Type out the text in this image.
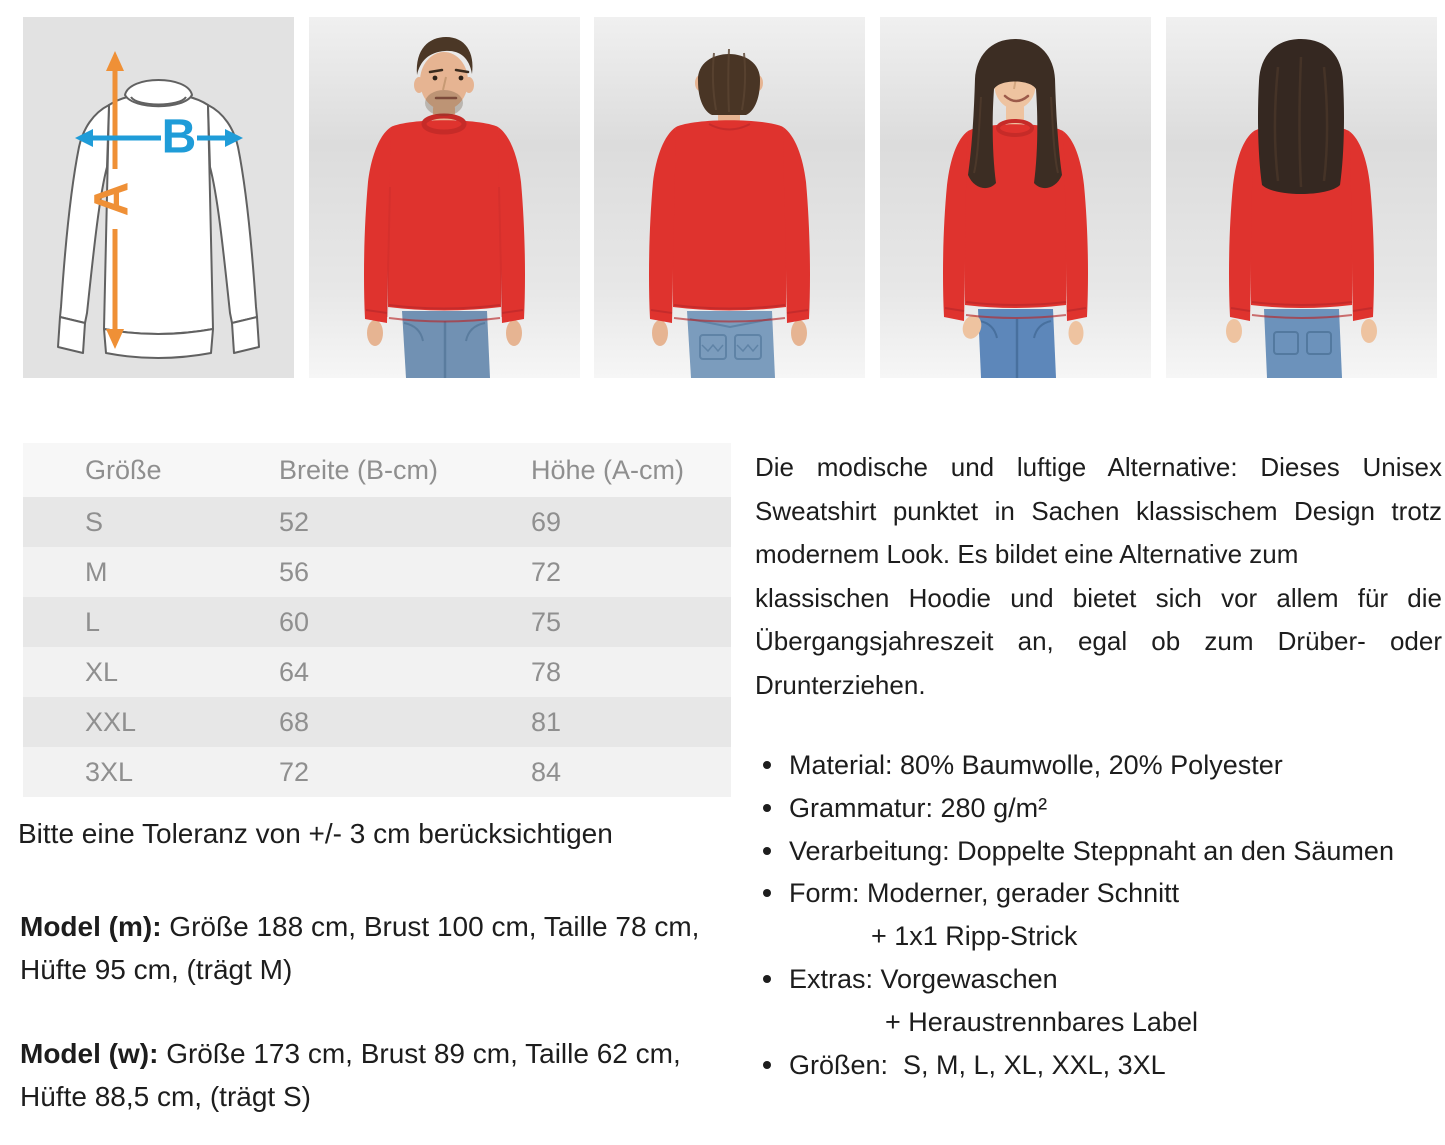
A
B
Größe	Breite (B-cm)	Höhe (A-cm)
S	52	69
M	56	72
L	60	75
XL	64	78
XXL	68	81
3XL	72	84
Bitte eine Toleranz von +/- 3 cm berücksichtigen
Model (m): Größe 188 cm, Brust 100 cm, Taille 78 cm,
Hüfte 95 cm, (trägt M)
Model (w): Größe 173 cm, Brust 89 cm, Taille 62 cm,
Hüfte 88,5 cm, (trägt S)
Die modische und luftige Alternative: Dieses Unisex
Sweatshirt punktet in Sachen klassischem Design trotz
modernem Look. Es bildet eine Alternative zum
klassischen Hoodie und bietet sich vor allem für die
Übergangsjahreszeit an, egal ob zum Drüber- oder
Drunterziehen.
Material: 80% Baumwolle, 20% Polyester
Grammatur: 280 g/m²
Verarbeitung: Doppelte Steppnaht an den Säumen
Form: Moderner, gerader Schnitt
+ 1x1 Ripp-Strick
Extras: Vorgewaschen
+ Heraustrennbares Label
Größen:  S, M, L, XL, XXL, 3XL
